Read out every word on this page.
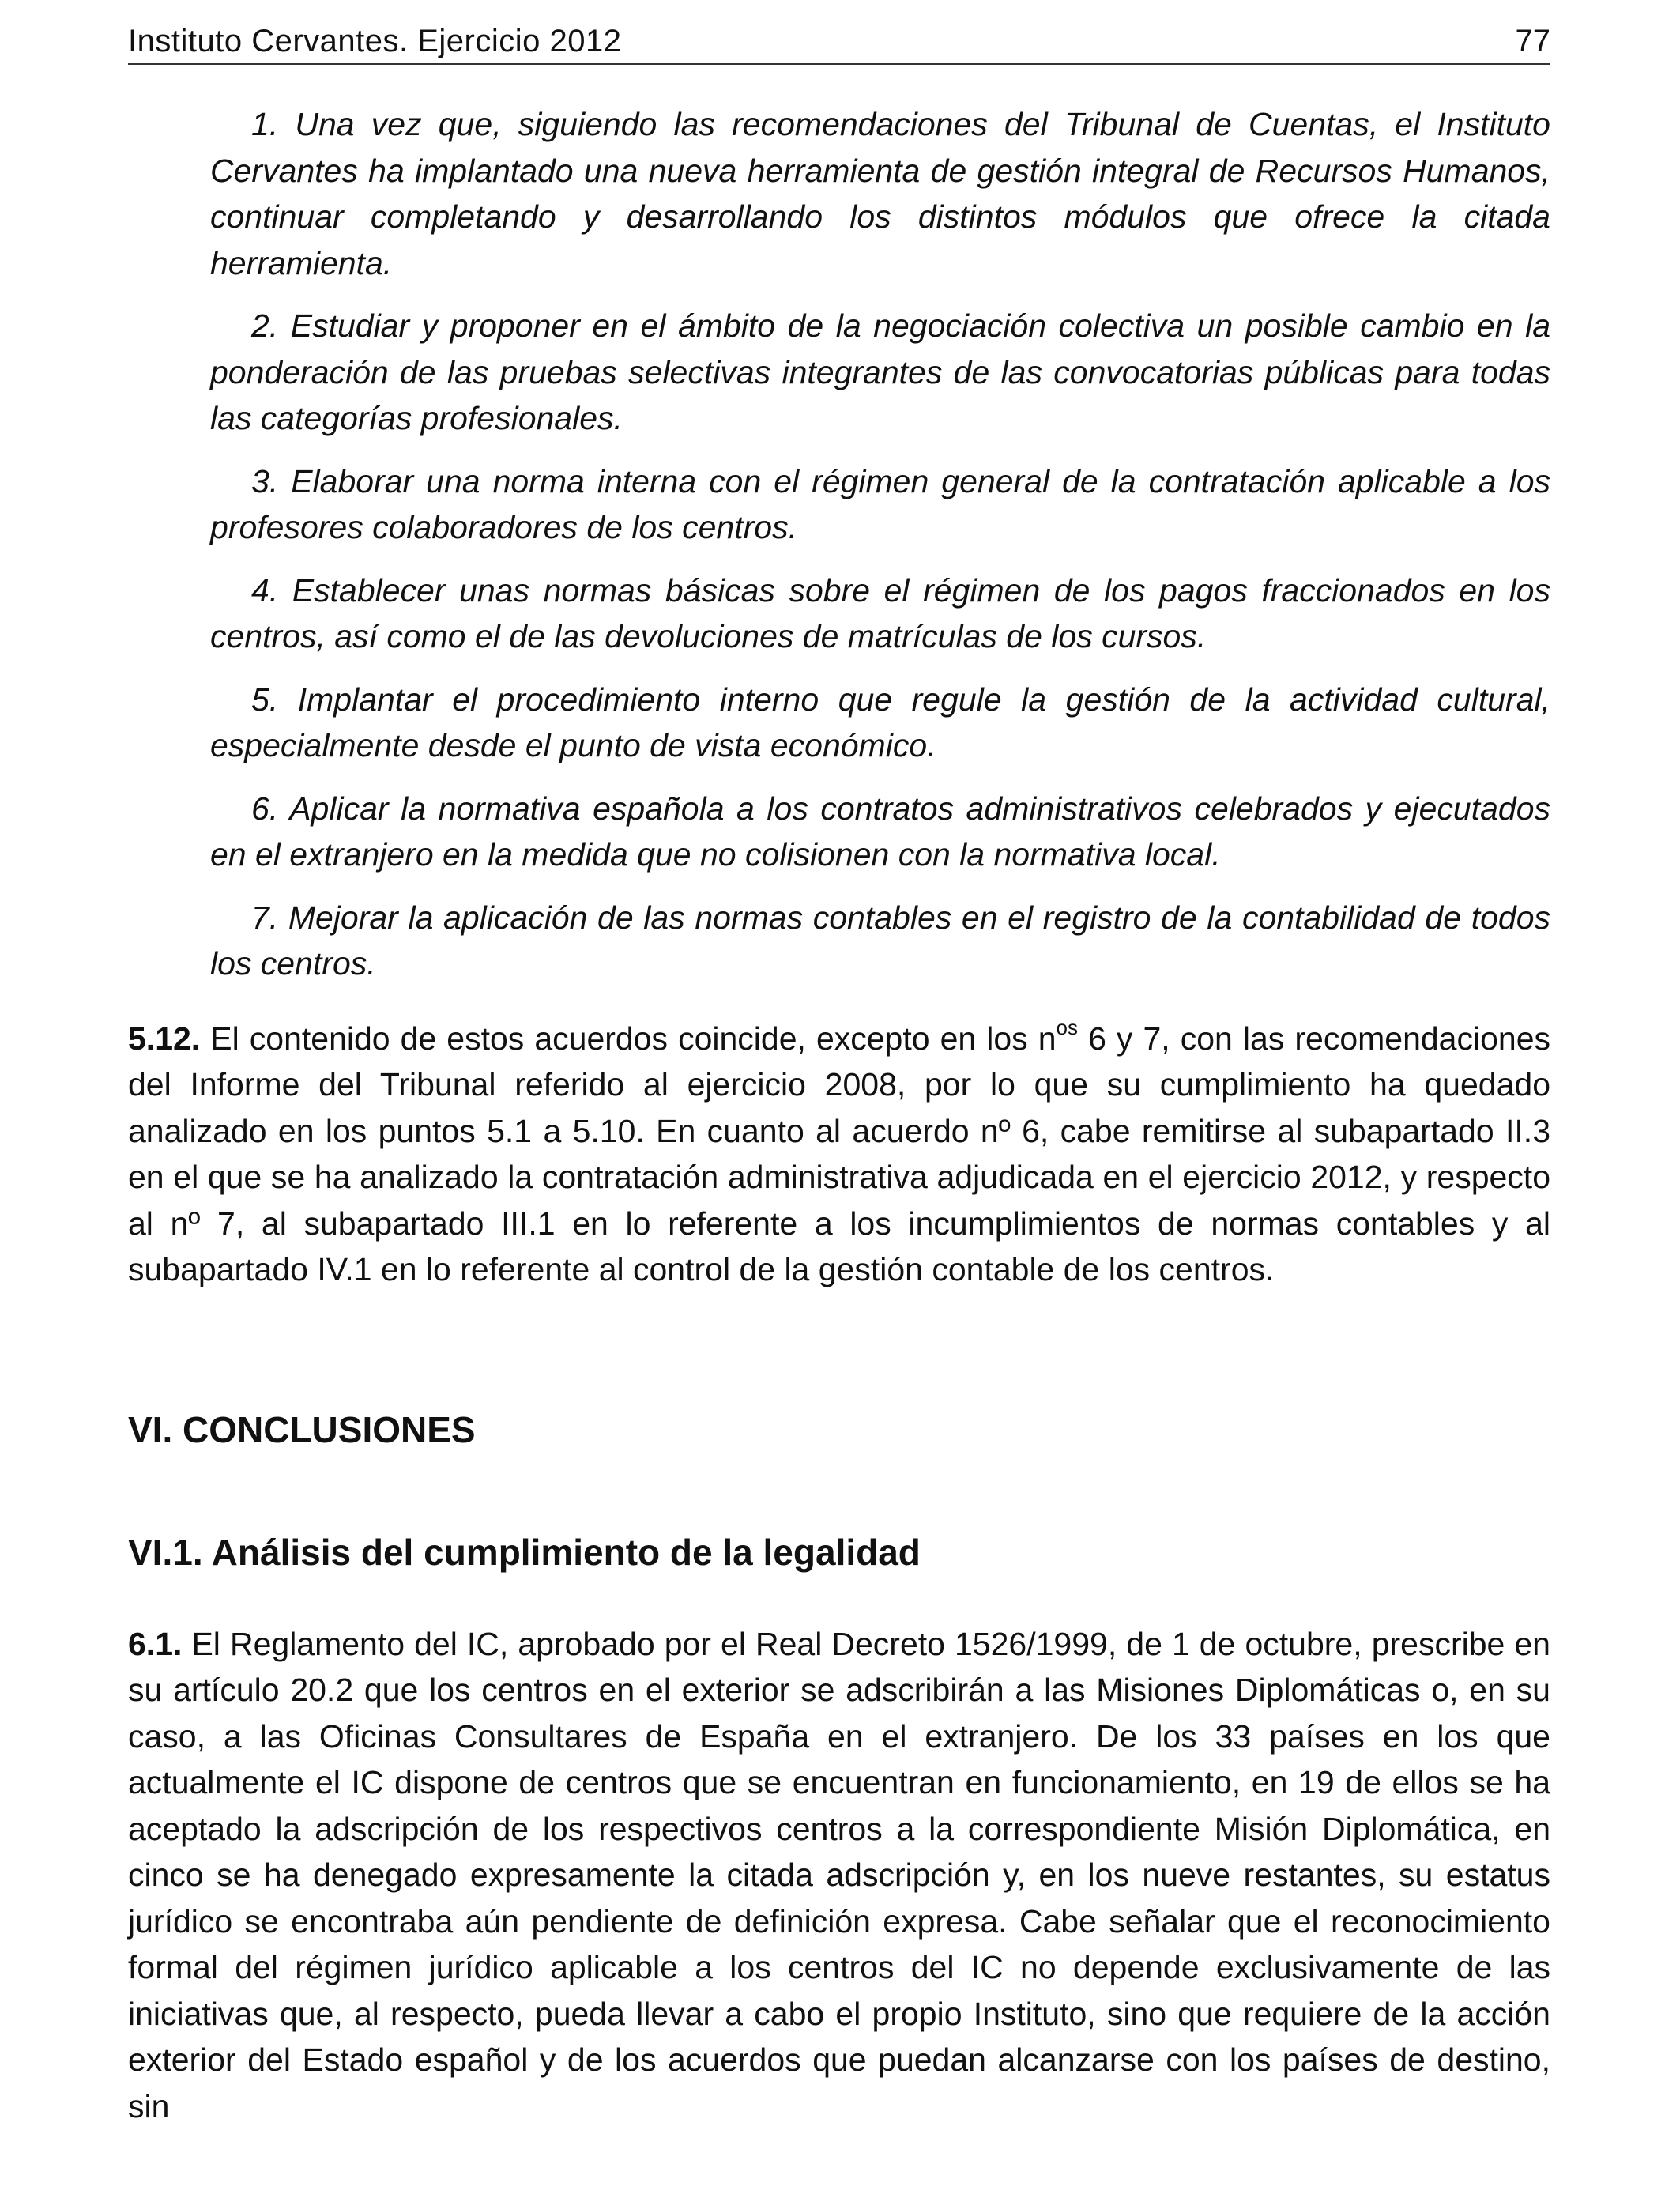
Instituto Cervantes. Ejercicio 2012	77

1. Una vez que, siguiendo las recomendaciones del Tribunal de Cuentas, el Instituto Cervantes ha implantado una nueva herramienta de gestión integral de Recursos Humanos, continuar completando y desarrollando los distintos módulos que ofrece la citada herramienta.

2. Estudiar y proponer en el ámbito de la negociación colectiva un posible cambio en la ponderación de las pruebas selectivas integrantes de las convocatorias públicas para todas las categorías profesionales.

3. Elaborar una norma interna con el régimen general de la contratación aplicable a los profesores colaboradores de los centros.

4. Establecer unas normas básicas sobre el régimen de los pagos fraccionados en los centros, así como el de las devoluciones de matrículas de los cursos.

5. Implantar el procedimiento interno que regule la gestión de la actividad cultural, especialmente desde el punto de vista económico.

6. Aplicar la normativa española a los contratos administrativos celebrados y ejecutados en el extranjero en la medida que no colisionen con la normativa local.

7. Mejorar la aplicación de las normas contables en el registro de la contabilidad de todos los centros.

5.12. El contenido de estos acuerdos coincide, excepto en los $n^{os}$ 6 y 7, con las recomendaciones del Informe del Tribunal referido al ejercicio 2008, por lo que su cumplimiento ha quedado analizado en los puntos 5.1 a 5.10. En cuanto al acuerdo nº 6, cabe remitirse al subapartado II.3 en el que se ha analizado la contratación administrativa adjudicada en el ejercicio 2012, y respecto al nº 7, al subapartado III.1 en lo referente a los incumplimientos de normas contables y al subapartado IV.1 en lo referente al control de la gestión contable de los centros.

VI. CONCLUSIONES
VI.1. Análisis del cumplimiento de la legalidad

6.1. El Reglamento del IC, aprobado por el Real Decreto 1526/1999, de 1 de octubre, prescribe en su artículo 20.2 que los centros en el exterior se adscribirán a las Misiones Diplomáticas o, en su caso, a las Oficinas Consultares de España en el extranjero. De los 33 países en los que actualmente el IC dispone de centros que se encuentran en funcionamiento, en 19 de ellos se ha aceptado la adscripción de los respectivos centros a la correspondiente Misión Diplomática, en cinco se ha denegado expresamente la citada adscripción y, en los nueve restantes, su estatus jurídico se encontraba aún pendiente de definición expresa. Cabe señalar que el reconocimiento formal del régimen jurídico aplicable a los centros del IC no depende exclusivamente de las iniciativas que, al respecto, pueda llevar a cabo el propio Instituto, sino que requiere de la acción exterior del Estado español y de los acuerdos que puedan alcanzarse con los países de destino, sin
